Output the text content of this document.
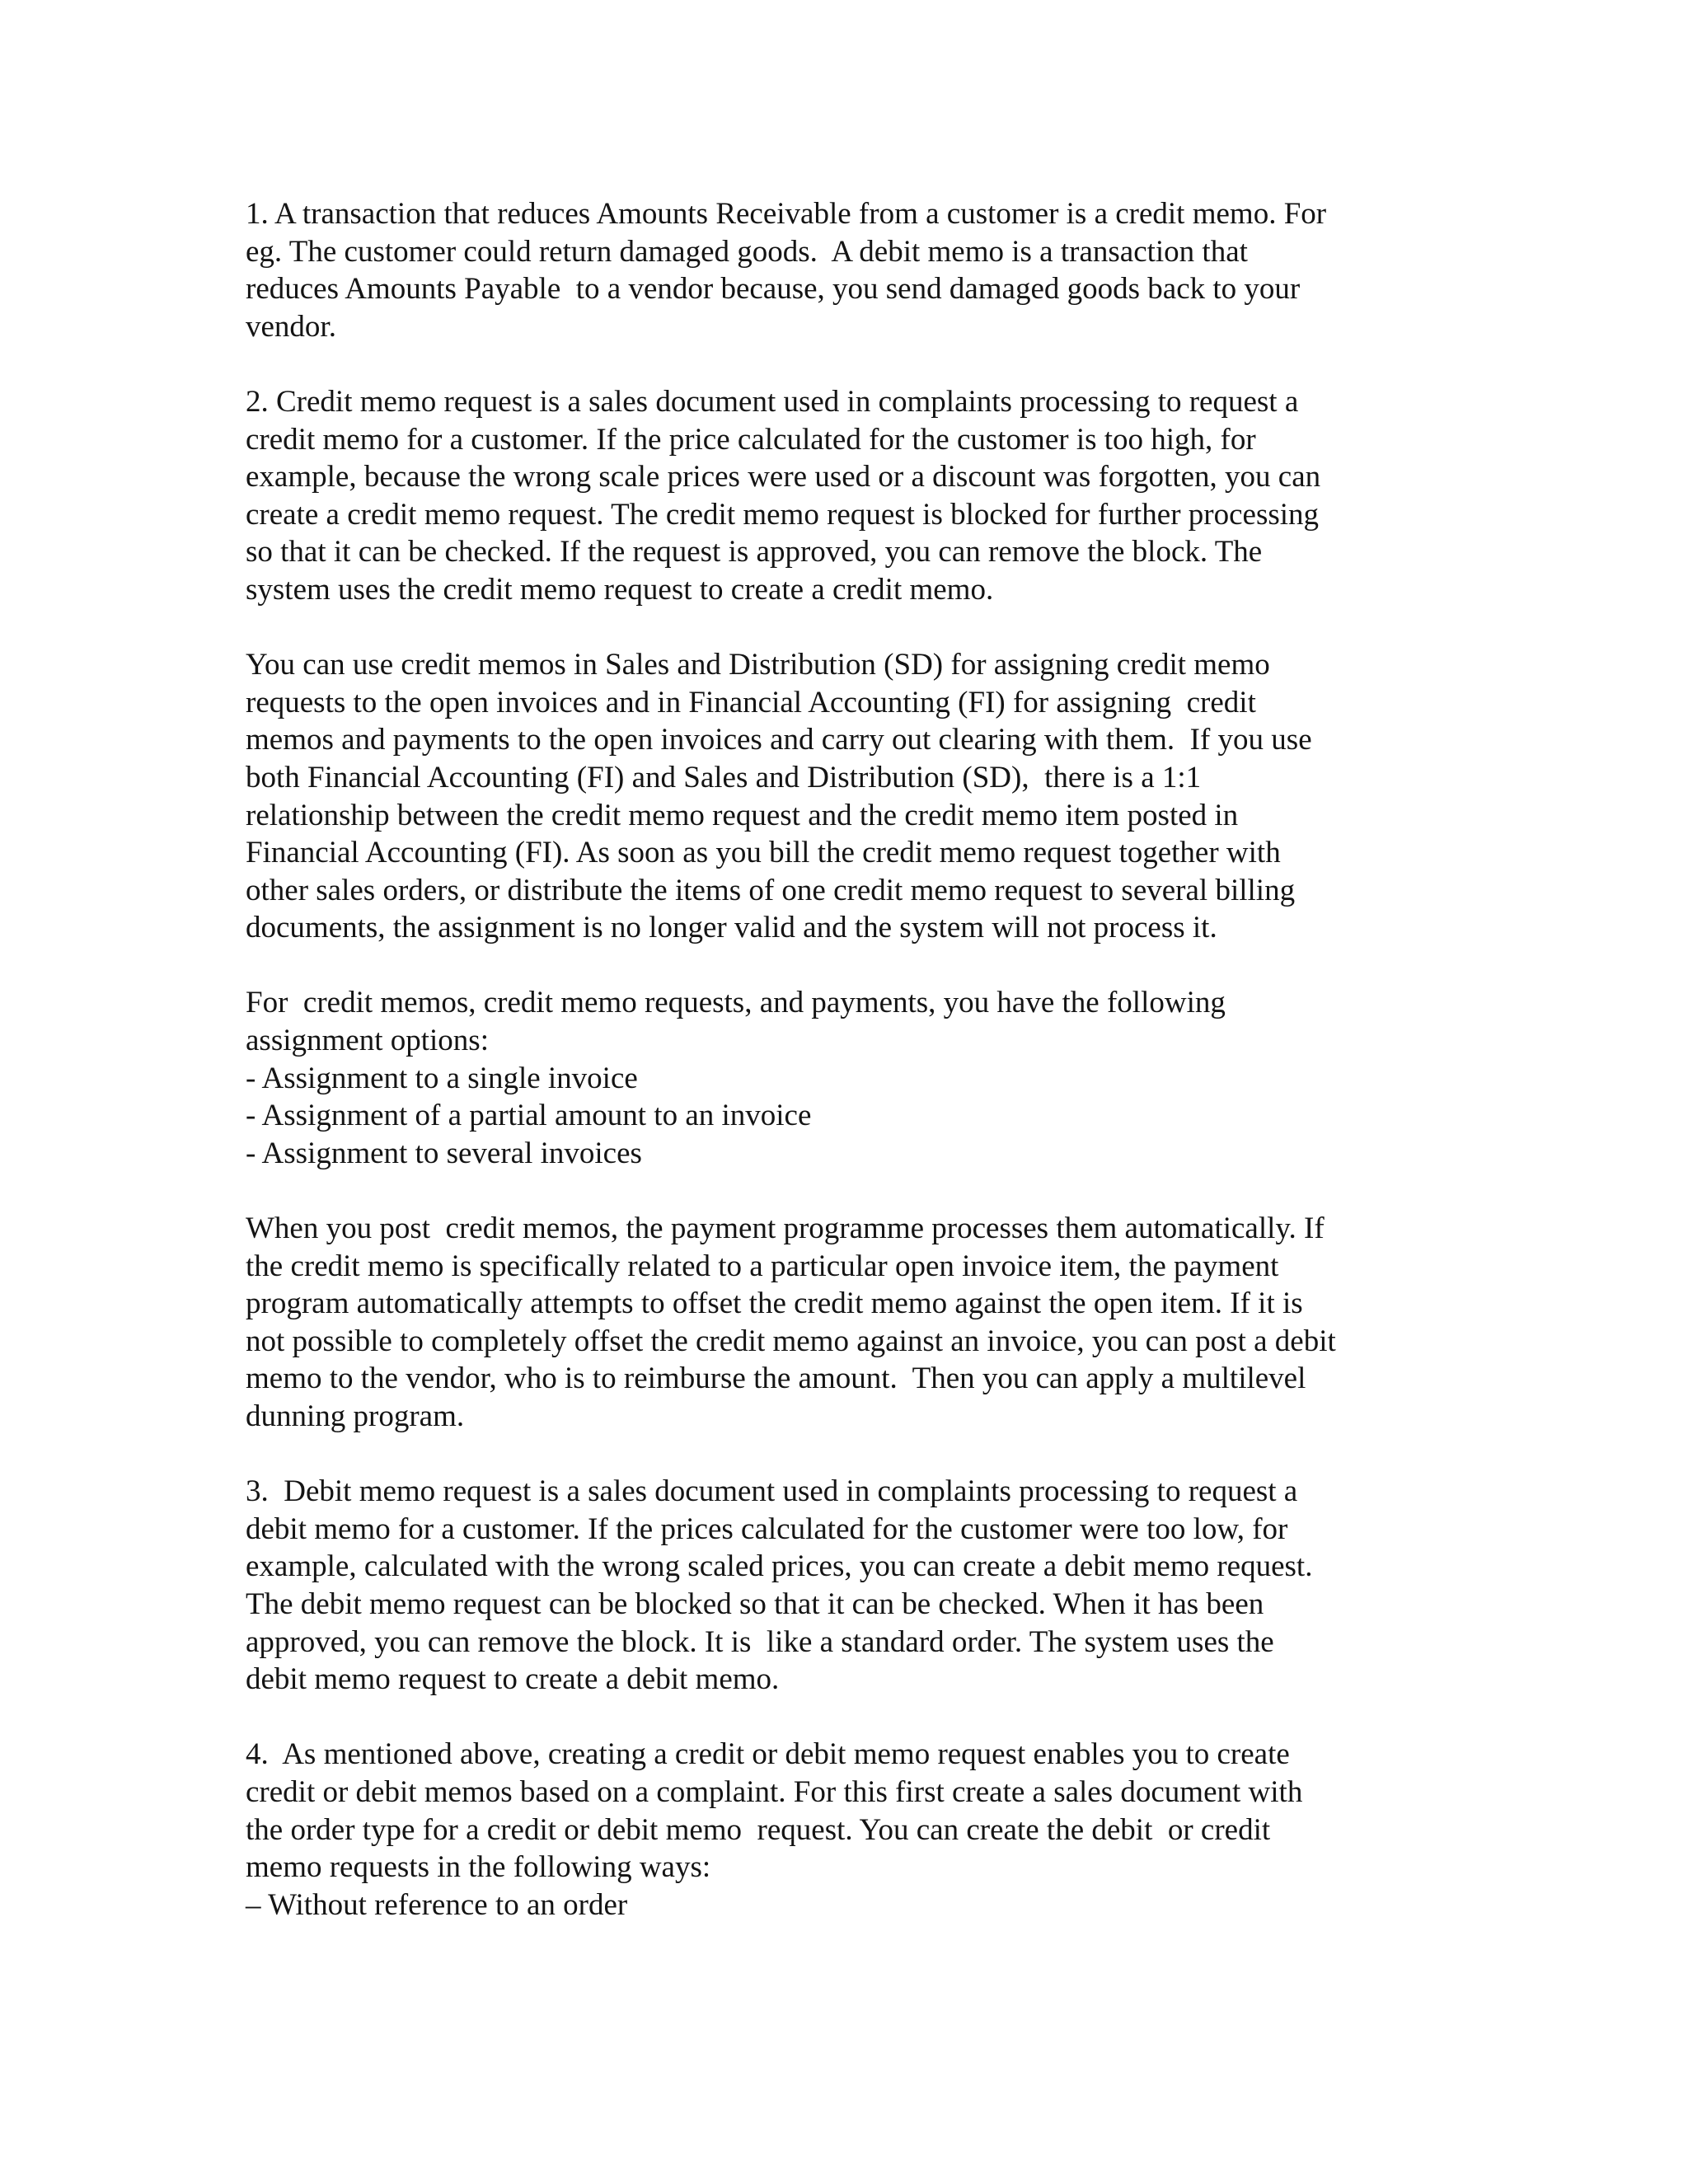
1. A transaction that reduces Amounts Receivable from a customer is a credit memo. For
eg. The customer could return damaged goods.  A debit memo is a transaction that
reduces Amounts Payable  to a vendor because, you send damaged goods back to your
vendor.
2. Credit memo request is a sales document used in complaints processing to request a
credit memo for a customer. If the price calculated for the customer is too high, for
example, because the wrong scale prices were used or a discount was forgotten, you can
create a credit memo request. The credit memo request is blocked for further processing
so that it can be checked. If the request is approved, you can remove the block. The
system uses the credit memo request to create a credit memo.
You can use credit memos in Sales and Distribution (SD) for assigning credit memo
requests to the open invoices and in Financial Accounting (FI) for assigning  credit
memos and payments to the open invoices and carry out clearing with them.  If you use
both Financial Accounting (FI) and Sales and Distribution (SD),  there is a 1:1
relationship between the credit memo request and the credit memo item posted in
Financial Accounting (FI). As soon as you bill the credit memo request together with
other sales orders, or distribute the items of one credit memo request to several billing
documents, the assignment is no longer valid and the system will not process it.
For  credit memos, credit memo requests, and payments, you have the following
assignment options:
- Assignment to a single invoice
- Assignment of a partial amount to an invoice
- Assignment to several invoices
When you post  credit memos, the payment programme processes them automatically. If
the credit memo is specifically related to a particular open invoice item, the payment
program automatically attempts to offset the credit memo against the open item. If it is
not possible to completely offset the credit memo against an invoice, you can post a debit
memo to the vendor, who is to reimburse the amount.  Then you can apply a multilevel
dunning program.
3.  Debit memo request is a sales document used in complaints processing to request a
debit memo for a customer. If the prices calculated for the customer were too low, for
example, calculated with the wrong scaled prices, you can create a debit memo request.
The debit memo request can be blocked so that it can be checked. When it has been
approved, you can remove the block. It is  like a standard order. The system uses the
debit memo request to create a debit memo.
4.  As mentioned above, creating a credit or debit memo request enables you to create
credit or debit memos based on a complaint. For this first create a sales document with
the order type for a credit or debit memo  request. You can create the debit  or credit
memo requests in the following ways:
– Without reference to an order
